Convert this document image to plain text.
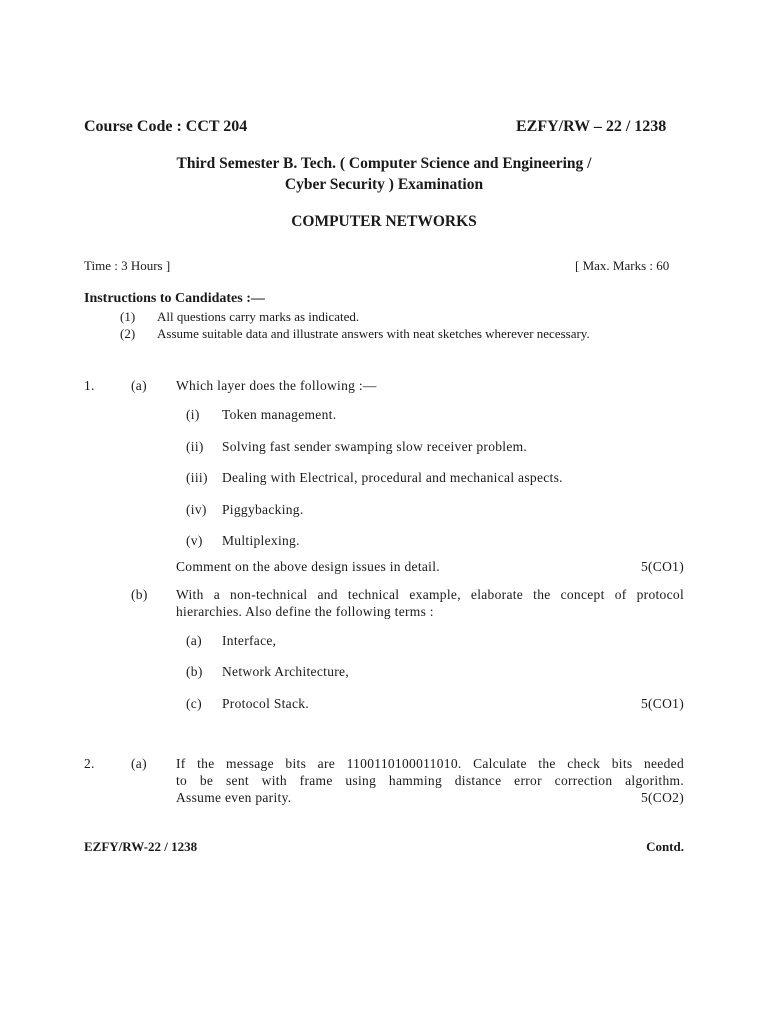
Course Code : CCT 204	EZFY/RW – 22 / 1238
Third Semester B. Tech. ( Computer Science and Engineering /
Cyber Security ) Examination
COMPUTER NETWORKS
Time : 3 Hours ]	[ Max. Marks : 60
Instructions to Candidates :—
(1) All questions carry marks as indicated.
(2) Assume suitable data and illustrate answers with neat sketches wherever necessary.
1.	(a) Which layer does the following :—
(i) Token management.
(ii) Solving fast sender swamping slow receiver problem.
(iii) Dealing with Electrical, procedural and mechanical aspects.
(iv) Piggybacking.
(v) Multiplexing.
Comment on the above design issues in detail.	5(CO1)
(b) With a non-technical and technical example, elaborate the concept of protocol
hierarchies. Also define the following terms :
(a) Interface,
(b) Network Architecture,
(c) Protocol Stack.	5(CO1)
2.	(a) If the message bits are 1100110100011010. Calculate the check bits needed
to be sent with frame using hamming distance error correction algorithm.
Assume even parity.	5(CO2)
EZFY/RW-22 / 1238	Contd.
